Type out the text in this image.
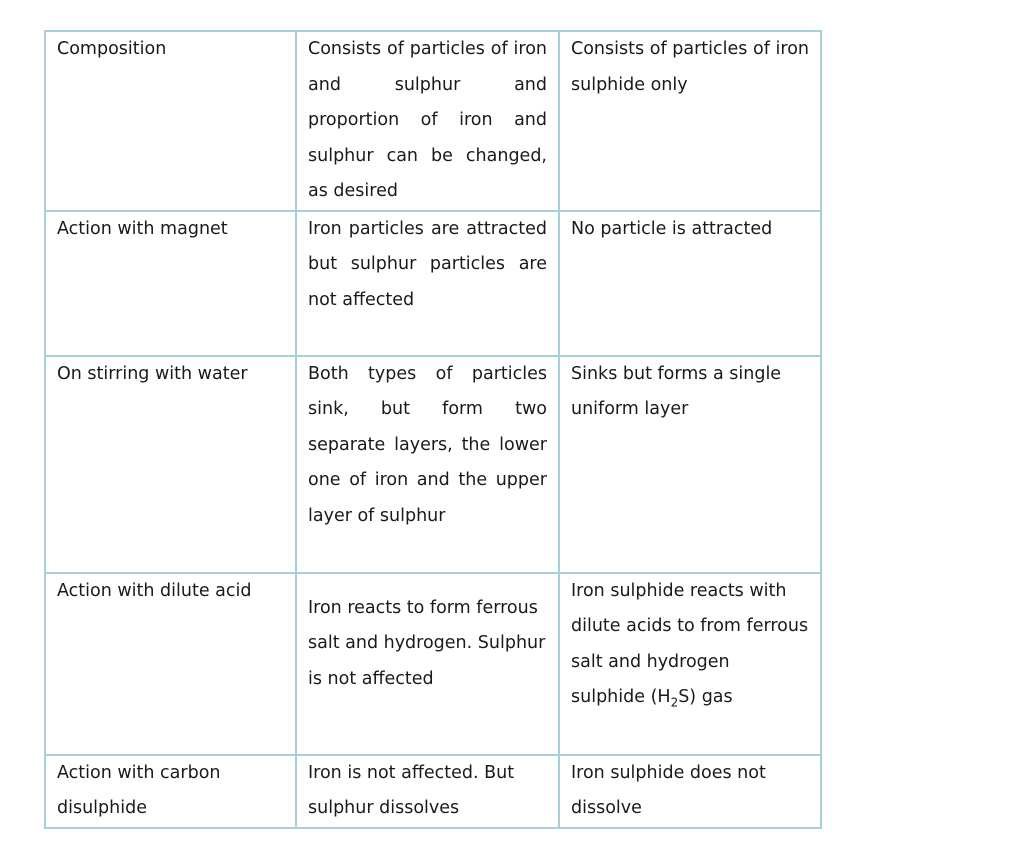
Composition	Consists of particles of iron and sulphur and proportion of iron and sulphur can be changed, as desired	Consists of particles of iron sulphide only
Action with magnet	Iron particles are attracted but sulphur particles are not affected	No particle is attracted
On stirring with water	Both types of particles sink, but form two separate layers, the lower one of iron and the upper layer of sulphur	Sinks but forms a single uniform layer
Action with dilute acid	Iron reacts to form ferrous salt and hydrogen. Sulphur is not affected	Iron sulphide reacts with dilute acids to from ferrous salt and hydrogen sulphide $(H_2S)$ gas
Action with carbon disulphide	Iron is not affected. But sulphur dissolves	Iron sulphide does not dissolve
